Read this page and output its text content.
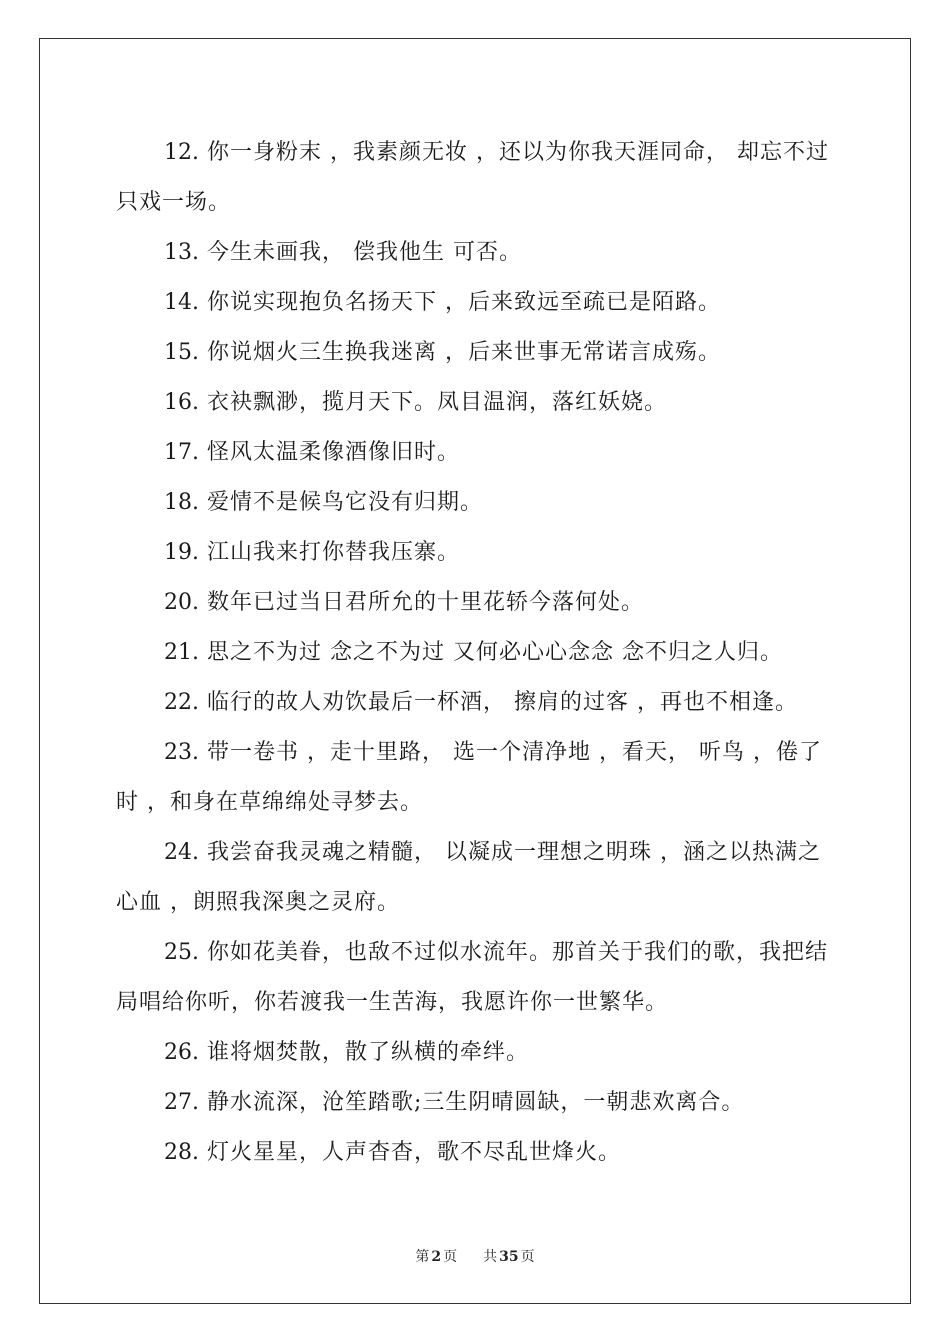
12. 你一身粉末 ，我素颜无妆 ，还以为你我天涯同命， 却忘不过只戏一场。

13. 今生未画我， 偿我他生 可否。

14. 你说实现抱负名扬天下 ，后来致远至疏已是陌路。

15. 你说烟火三生换我迷离 ，后来世事无常诺言成殇。

16. 衣袂飘渺，揽月天下。凤目温润，落红妖娆。

17. 怪风太温柔像酒像旧时。

18. 爱情不是候鸟它没有归期。

19. 江山我来打你替我压寨。

20. 数年已过当日君所允的十里花轿今落何处。

21. 思之不为过 念之不为过 又何必心心念念 念不归之人归。

22. 临行的故人劝饮最后一杯酒， 擦肩的过客 ，再也不相逢。

23. 带一卷书 ，走十里路， 选一个清净地 ，看天， 听鸟 ，倦了时 ，和身在草绵绵处寻梦去。

24. 我尝奋我灵魂之精髓， 以凝成一理想之明珠 ，涵之以热满之心血 ，朗照我深奥之灵府。

25. 你如花美眷，也敌不过似水流年。那首关于我们的歌，我把结局唱给你听，你若渡我一生苦海，我愿许你一世繁华。

26. 谁将烟焚散，散了纵横的牵绊。

27. 静水流深，沧笙踏歌;三生阴晴圆缺，一朝悲欢离合。

28. 灯火星星，人声杳杳，歌不尽乱世烽火。

第 2 页 共 35 页
